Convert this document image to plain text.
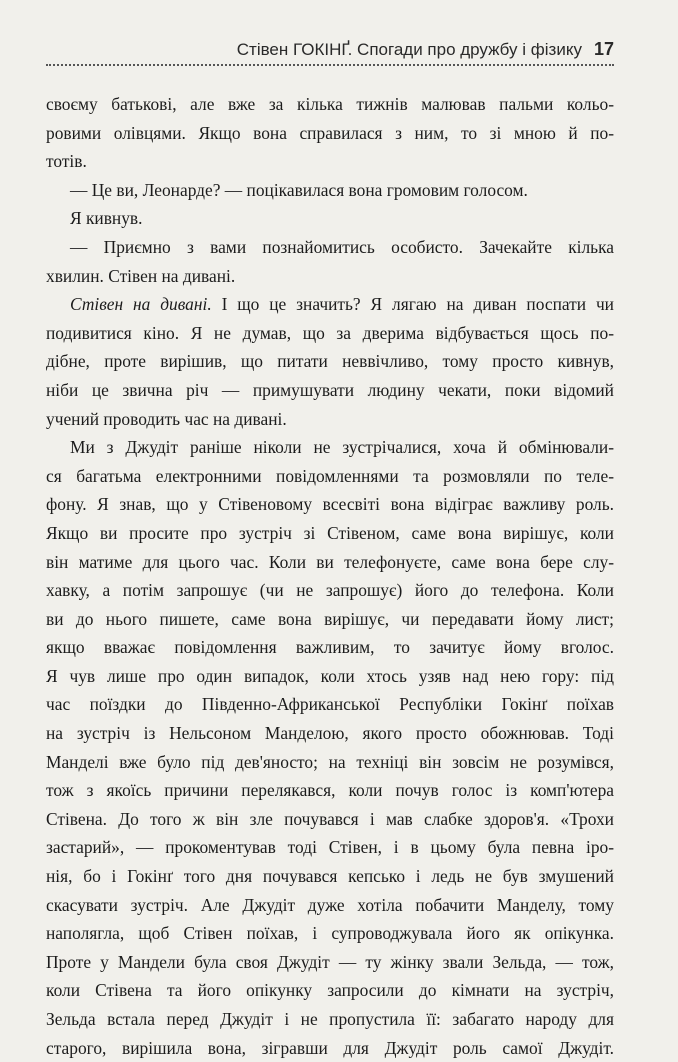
Стівен ГОКІНҐ. Спогади про дружбу і фізику 17
своєму батькові, але вже за кілька тижнів малював пальми кольо-
ровими олівцями. Якщо вона справилася з ним, то зі мною й по-
тотів.
— Це ви, Леонарде? — поцікавилася вона громовим голосом.
Я кивнув.
— Приємно з вами познайомитись особисто. Зачекайте кілька
хвилин. Стівен на дивані.
Стівен на дивані. І що це значить? Я лягаю на диван поспати чи
подивитися кіно. Я не думав, що за дверима відбувається щось по-
дібне, проте вирішив, що питати неввічливо, тому просто кивнув,
ніби це звична річ — примушувати людину чекати, поки відомий
учений проводить час на дивані.
Ми з Джудіт раніше ніколи не зустрічалися, хоча й обмінювали-
ся багатьма електронними повідомленнями та розмовляли по теле-
фону. Я знав, що у Стівеновому всесвіті вона відіграє важливу роль.
Якщо ви просите про зустріч зі Стівеном, саме вона вирішує, коли
він матиме для цього час. Коли ви телефонуєте, саме вона бере слу-
хавку, а потім запрошує (чи не запрошує) його до телефона. Коли
ви до нього пишете, саме вона вирішує, чи передавати йому лист;
якщо вважає повідомлення важливим, то зачитує йому вголос.
Я чув лише про один випадок, коли хтось узяв над нею гору: під
час поїздки до Південно-Африканської Республіки Гокінґ поїхав
на зустріч із Нельсоном Манделою, якого просто обожнював. Тоді
Манделі вже було під дев'яносто; на техніці він зовсім не розумівся,
тож з якоїсь причини перелякався, коли почув голос із комп'ютера
Стівена. До того ж він зле почувався і мав слабке здоров'я. «Трохи
застарий», — прокоментував тоді Стівен, і в цьому була певна іро-
нія, бо і Гокінґ того дня почувався кепсько і ледь не був змушений
скасувати зустріч. Але Джудіт дуже хотіла побачити Манделу, тому
наполягла, щоб Стівен поїхав, і супроводжувала його як опікунка.
Проте у Мандели була своя Джудіт — ту жінку звали Зельда, — тож,
коли Стівена та його опікунку запросили до кімнати на зустріч,
Зельда встала перед Джудіт і не пропустила її: забагато народу для
старого, вирішила вона, зігравши для Джудіт роль самої Джудіт.
